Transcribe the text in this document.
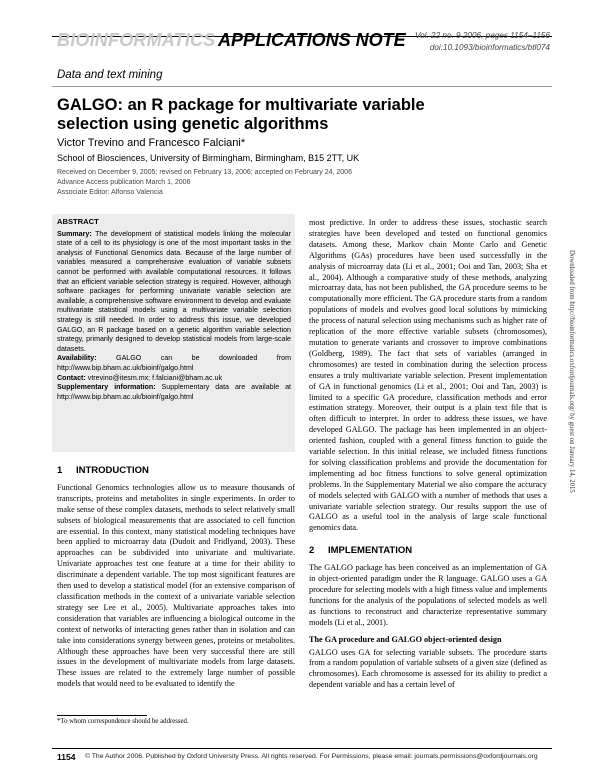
BIOINFORMATICS APPLICATIONS NOTE Vol. 22 no. 9 2006, pages 1154–1156
doi:10.1093/bioinformatics/btl074
Data and text mining
GALGO: an R package for multivariate variable selection using genetic algorithms
Victor Trevino and Francesco Falciani*
School of Biosciences, University of Birmingham, Birmingham, B15 2TT, UK
Received on December 9, 2005; revised on February 13, 2006; accepted on February 24, 2006
Advance Access publication March 1, 2006
Associate Editor: Alfonso Valencia

ABSTRACT

Summary: The development of statistical models linking the molecular state of a cell to its physiology is one of the most important tasks in the analysis of Functional Genomics data. Because of the large number of variables measured a comprehensive evaluation of variable subsets cannot be performed with available computational resources. It follows that an efficient variable selection strategy is required. However, although software packages for performing univariate variable selection are available, a comprehensive software environment to develop and evaluate multivariate statistical models using a multivariate variable selection strategy is still needed. In order to address this issue, we developed GALGO, an R package based on a genetic algorithm variable selection strategy, primarily designed to develop statistical models from large-scale datasets.

Availability:	GALGO can be downloaded from http://www.bip.bham.ac.uk/bioinf/galgo.html

Contact: vtrevino@itesm.mx; f.falciani@bham.ac.uk

Supplementary information: Supplementary data are available at http://www.bip.bham.ac.uk/bioinf/galgo.html

1 INTRODUCTION

Functional Genomics technologies allow us to measure thousands of transcripts, proteins and metabolites in single experiments. In order to make sense of these complex datasets, methods to select relatively small subsets of biological measurements that are associated to cell function are essential. In this context, many statistical modeling techniques have been applied to microarray data (Dudoit and Fridlyand, 2003). These approaches can be subdivided into univariate and multivariate. Univariate approaches test one feature at a time for their ability to discriminate a dependent variable. The top most significant features are then used to develop a statistical model (for an extensive comparison of classification methods in the context of a univariate variable selection strategy see Lee et al., 2005). Multivariate approaches takes into consideration that variables are influencing a biological outcome in the context of networks of interacting genes rather than in isolation and can take into considerations synergy between genes, proteins or metabolites. Although these approaches have been very successful there are still issues in the development of multivariate models from large datasets. These issues are related to the extremely large number of possible models that would need to be evaluated to identify the

most predictive. In order to address these issues, stochastic search strategies have been developed and tested on functional genomics datasets. Among these, Markov chain Monte Carlo and Genetic Algorithms (GAs) procedures have been used successfully in the analysis of microarray data (Li et al., 2001; Ooi and Tan, 2003; Sha et al., 2004). Although a comparative study of these methods, analyzing microarray data, has not been published, the GA procedure seems to be computationally more efficient. The GA procedure starts from a random populations of models and evolves good local solutions by mimicking the process of natural selection using mechanisms such as higher rate of replication of the more effective variable subsets (chromosomes), mutation to generate variants and crossover to improve combinations (Goldberg, 1989). The fact that sets of variables (arranged in chromosomes) are tested in combination during the selection process ensures a truly multivariate variable selection. Present implementation of GA in functional genomics (Li et al., 2001; Ooi and Tan, 2003) is limited to a specific GA procedure, classification methods and error estimation strategy. Moreover, their output is a plain text file that is often difficult to interpret. In order to address these issues, we have developed GALGO. The package has been implemented in an object-oriented fashion, coupled with a general fitness function to guide the variable selection. In this initial release, we included fitness functions for solving classification problems and provide the documentation for implementing ad hoc fitness functions to solve general optimization problems. In the Supplementary Material we also compare the accuracy of models selected with GALGO with a number of methods that uses a univariate variable selection strategy. Our results support the use of GALGO as a useful tool in the analysis of large scale functional genomics data.

2 IMPLEMENTATION

The GALGO package has been conceived as an implementation of GA in object-oriented paradigm under the R language. GALGO uses a GA procedure for selecting models with a high fitness value and implements functions for the analysis of the populations of selected models as well as functions to reconstruct and characterize representative summary models (Li et al., 2001).

The GA procedure and GALGO object-oriented design

GALGO uses GA for selecting variable subsets. The procedure starts from a random population of variable subsets of a given size (defined as chromosomes). Each chromosome is assessed for its ability to predict a dependent variable and has a certain level of

*To whom correspondence should be addressed.
1154 © The Author 2006. Published by Oxford University Press. All rights reserved. For Permissions, please email: journals.permissions@oxfordjournals.org
Downloaded from http://bioinformatics.oxfordjournals.org/ by guest on January 14, 2015
